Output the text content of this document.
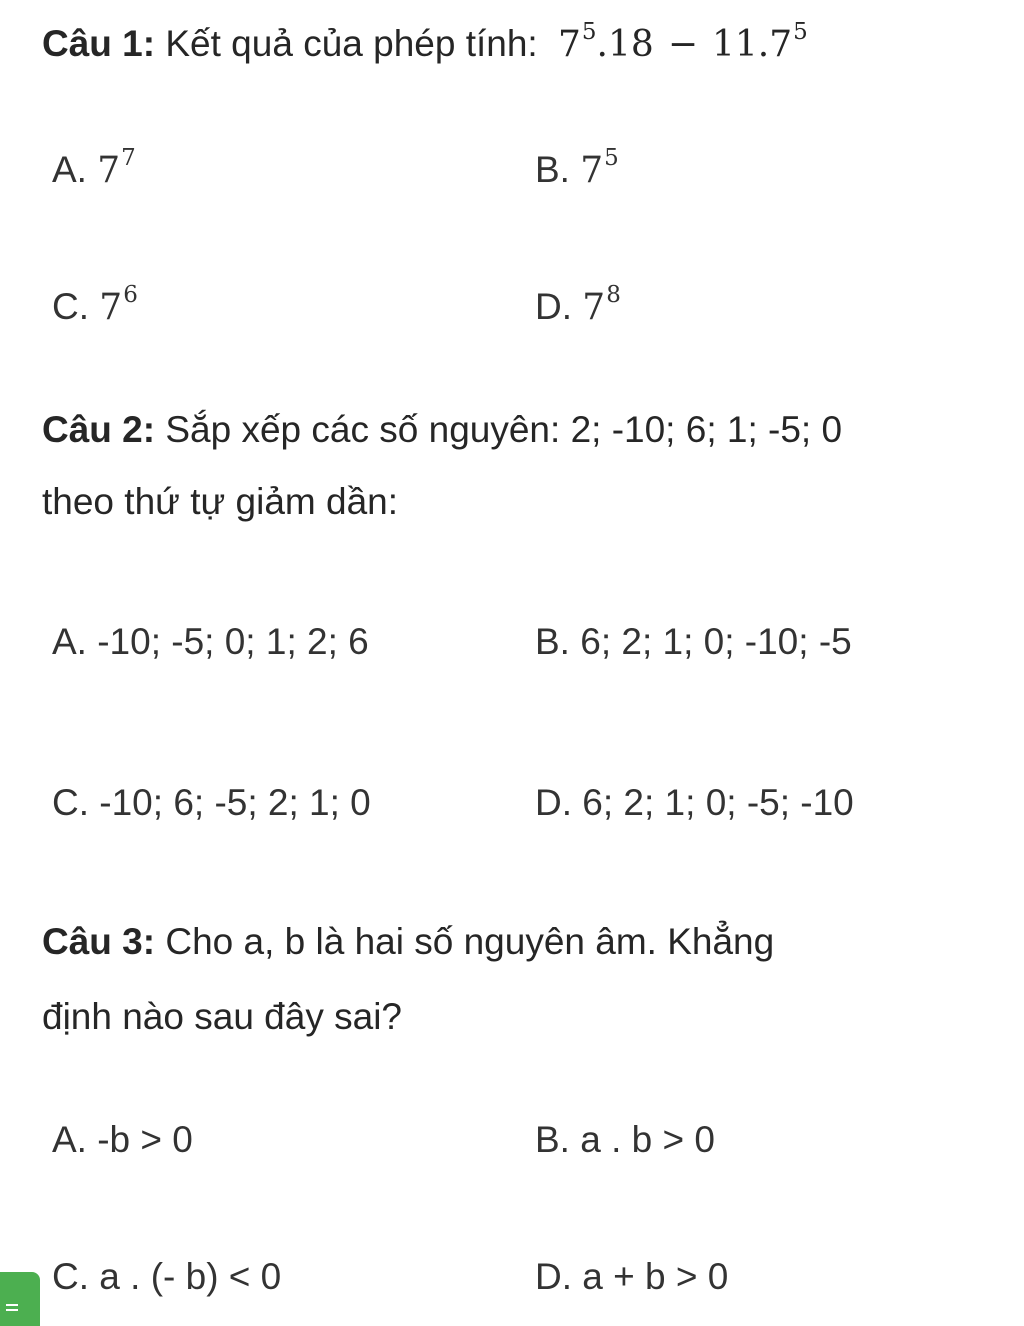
Câu 1: Kết quả của phép tính: $7^5.18 - 11.7^5$
A. $7^7$	B. $7^5$
C. $7^6$	D. $7^8$
Câu 2: Sắp xếp các số nguyên: 2; -10; 6; 1; -5; 0
theo thứ tự giảm dần:
A. -10; -5; 0; 1; 2; 6	B. 6; 2; 1; 0; -10; -5
C. -10; 6; -5; 2; 1; 0	D. 6; 2; 1; 0; -5; -10
Câu 3: Cho a, b là hai số nguyên âm. Khẳng
định nào sau đây sai?
A. -b > 0	B. a . b > 0
C. a . (- b) < 0	D. a + b > 0
